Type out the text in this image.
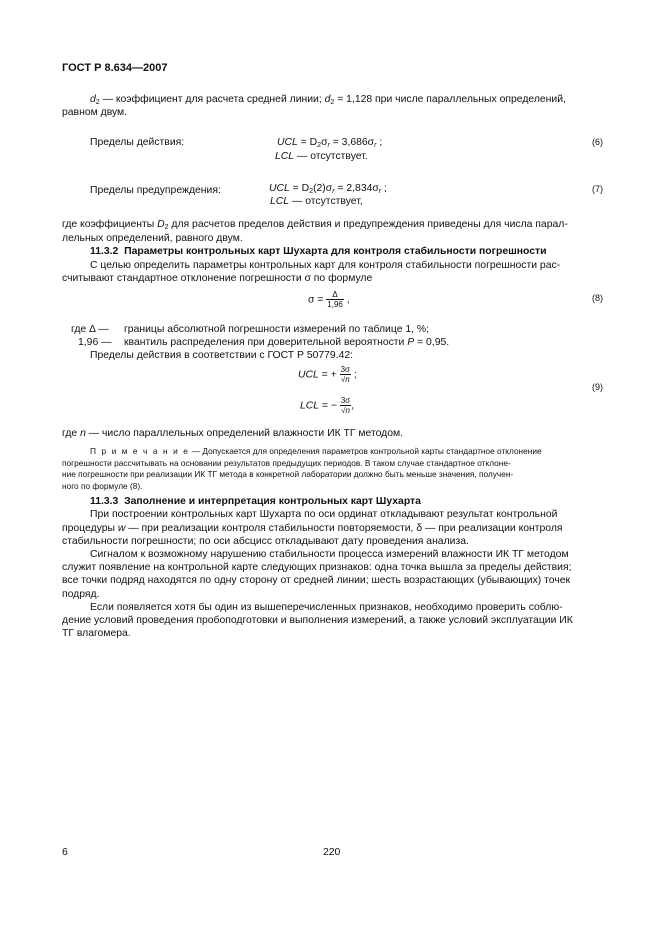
ГОСТ Р 8.634—2007
$d_2$ — коэффициент для расчета средней линии; $d_2 = 1,128$ при числе параллельных определений,
равном двум.
Пределы действия:	UCL = $D_2\sigma_r = 3,686\sigma_r$ ;
LCL — отсутствует.
(6)
Пределы предупреждения:	UCL = $D_2(2)\sigma_r = 2,834\sigma_r$ ;
LCL — отсутствует,
(7)
где коэффициенты $D_2$ для расчетов пределов действия и предупреждения приведены для числа парал-
лельных определений, равного двум.
11.3.2 Параметры контрольных карт Шухарта для контроля стабильности погрешности
С целью определить параметры контрольных карт для контроля стабильности погрешности рас-
считывают стандартное отклонение погрешности σ по формуле
$\sigma = \frac{\Delta}{1,96}$ ,	(8)
где Δ — границы абсолютной погрешности измерений по таблице 1, %;
1,96 — квантиль распределения при доверительной вероятности P = 0,95.
Пределы действия в соответствии с ГОСТ Р 50779.42:
UCL = + $\frac{3\sigma}{√n}$ ;
LCL = − $\frac{3\sigma}{√n}$ ,
(9)
где n — число параллельных определений влажности ИК ТГ методом.
П р и м е ч а н и е — Допускается для определения параметров контрольной карты стандартное отклонение
погрешности рассчитывать на основании результатов предыдущих периодов. В таком случае стандартное отклоне-
ние погрешности при реализации ИК ТГ метода в конкретной лаборатории должно быть меньше значения, получен-
ного по формуле (8).
11.3.3 Заполнение и интерпретация контрольных карт Шухарта
При построении контрольных карт Шухарта по оси ординат откладывают результат контрольной
процедуры w — при реализации контроля стабильности повторяемости, δ — при реализации контроля
стабильности погрешности; по оси абсцисс откладывают дату проведения анализа.
Сигналом к возможному нарушению стабильности процесса измерений влажности ИК ТГ методом
служит появление на контрольной карте следующих признаков: одна точка вышла за пределы действия;
все точки подряд находятся по одну сторону от средней линии; шесть возрастающих (убывающих) точек
подряд.
Если появляется хотя бы один из вышеперечисленных признаков, необходимо проверить соблю-
дение условий проведения пробоподготовки и выполнения измерений, а также условий эксплуатации ИК
ТГ влагомера.
6	220
